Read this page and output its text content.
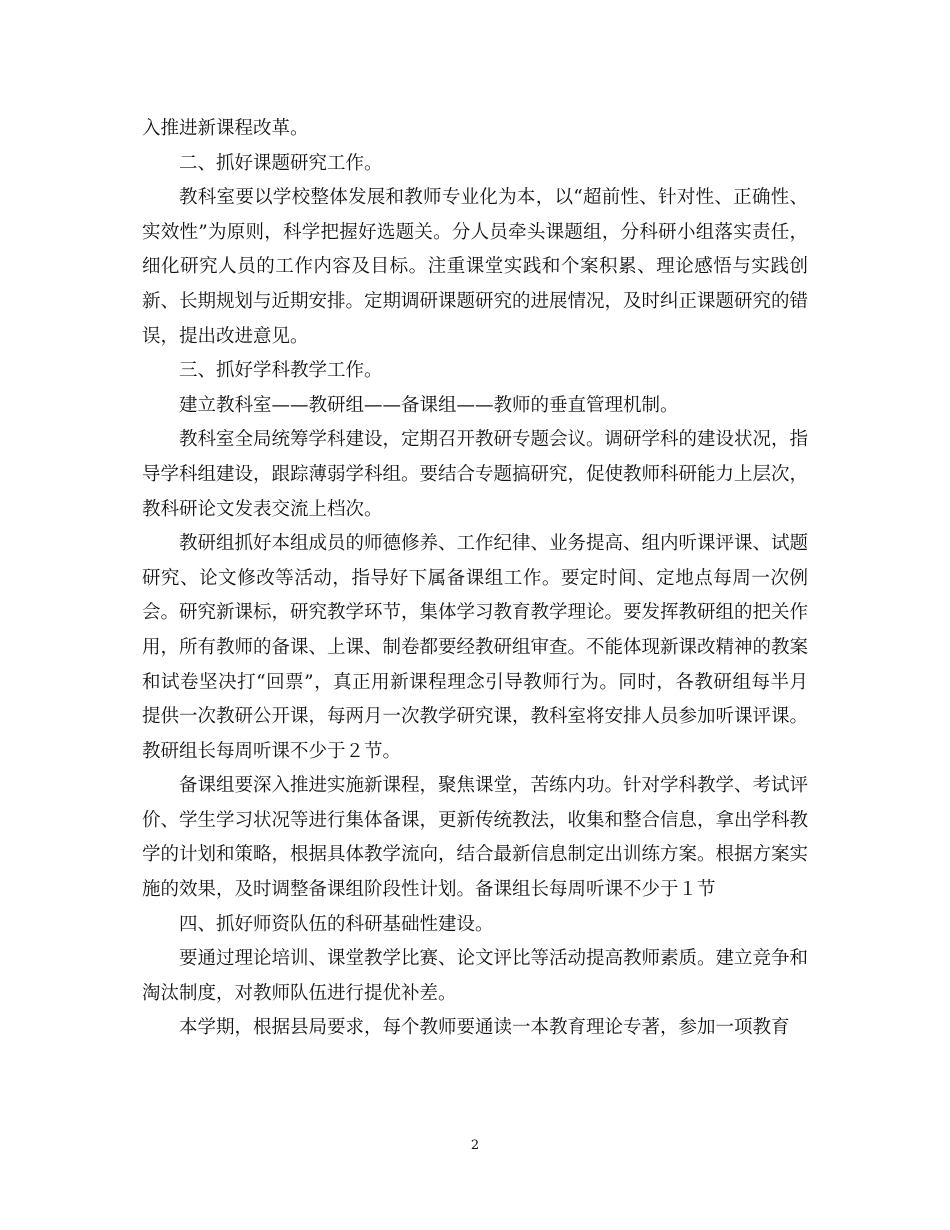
入推进新课程改革。

二、抓好课题研究工作。

教科室要以学校整体发展和教师专业化为本，以“超前性、针对性、正确性、实效性”为原则，科学把握好选题关。分人员牵头课题组，分科研小组落实责任，细化研究人员的工作内容及目标。注重课堂实践和个案积累、理论感悟与实践创新、长期规划与近期安排。定期调研课题研究的进展情况，及时纠正课题研究的错误，提出改进意见。

三、抓好学科教学工作。

建立教科室——教研组——备课组——教师的垂直管理机制。

教科室全局统筹学科建设，定期召开教研专题会议。调研学科的建设状况，指导学科组建设，跟踪薄弱学科组。要结合专题搞研究，促使教师科研能力上层次，教科研论文发表交流上档次。

教研组抓好本组成员的师德修养、工作纪律、业务提高、组内听课评课、试题研究、论文修改等活动，指导好下属备课组工作。要定时间、定地点每周一次例会。研究新课标，研究教学环节，集体学习教育教学理论。要发挥教研组的把关作用，所有教师的备课、上课、制卷都要经教研组审查。不能体现新课改精神的教案和试卷坚决打“回票”，真正用新课程理念引导教师行为。同时，各教研组每半月提供一次教研公开课，每两月一次教学研究课，教科室将安排人员参加听课评课。教研组长每周听课不少于２节。

备课组要深入推进实施新课程，聚焦课堂，苦练内功。针对学科教学、考试评价、学生学习状况等进行集体备课，更新传统教法，收集和整合信息，拿出学科教学的计划和策略，根据具体教学流向，结合最新信息制定出训练方案。根据方案实施的效果，及时调整备课组阶段性计划。备课组长每周听课不少于１节

四、抓好师资队伍的科研基础性建设。

要通过理论培训、课堂教学比赛、论文评比等活动提高教师素质。建立竞争和淘汰制度，对教师队伍进行提优补差。

本学期，根据县局要求，每个教师要通读一本教育理论专著，参加一项教育

2
